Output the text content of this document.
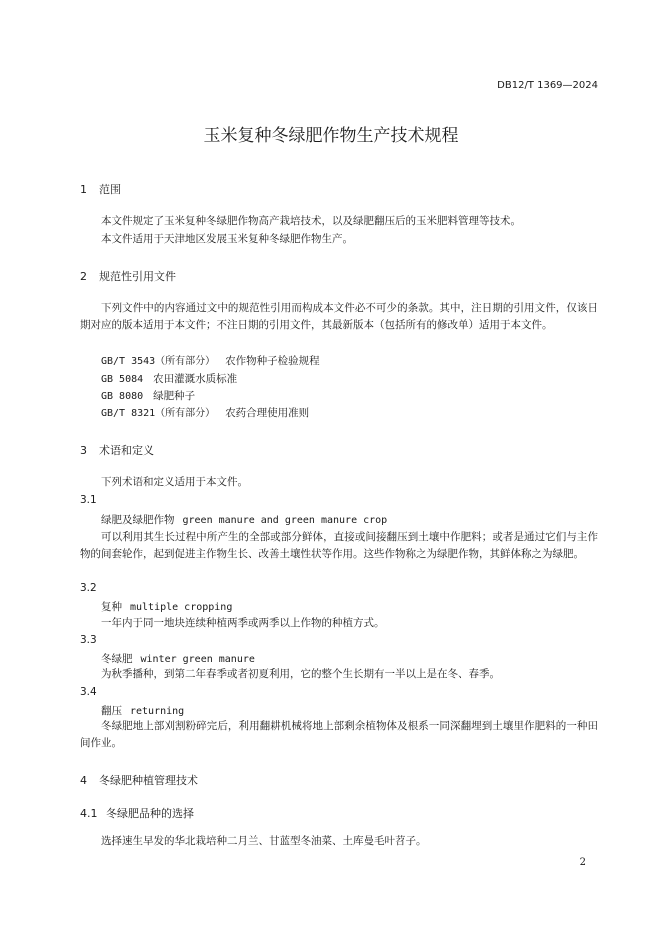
DB12/T 1369—2024
玉米复种冬绿肥作物生产技术规程
1 范围
本文件规定了玉米复种冬绿肥作物高产栽培技术，以及绿肥翻压后的玉米肥料管理等技术。
本文件适用于天津地区发展玉米复种冬绿肥作物生产。
2 规范性引用文件
下列文件中的内容通过文中的规范性引用而构成本文件必不可少的条款。其中，注日期的引用文件，仅该日期对应的版本适用于本文件；不注日期的引用文件，其最新版本（包括所有的修改单）适用于本文件。
GB/T 3543（所有部分） 农作物种子检验规程
GB 5084 农田灌溉水质标准
GB 8080 绿肥种子
GB/T 8321（所有部分） 农药合理使用准则
3 术语和定义
下列术语和定义适用于本文件。
3.1
绿肥及绿肥作物 green manure and green manure crop
可以利用其生长过程中所产生的全部或部分鲜体，直接或间接翻压到土壤中作肥料；或者是通过它们与主作物的间套轮作，起到促进主作物生长、改善土壤性状等作用。这些作物称之为绿肥作物，其鲜体称之为绿肥。
3.2
复种 multiple cropping
一年内于同一地块连续种植两季或两季以上作物的种植方式。
3.3
冬绿肥 winter green manure
为秋季播种，到第二年春季或者初夏利用，它的整个生长期有一半以上是在冬、春季。
3.4
翻压 returning
冬绿肥地上部刈割粉碎完后，利用翻耕机械将地上部剩余植物体及根系一同深翻埋到土壤里作肥料的一种田间作业。
4 冬绿肥种植管理技术
4.1 冬绿肥品种的选择
选择速生早发的华北栽培种二月兰、甘蓝型冬油菜、土库曼毛叶苕子。
2
